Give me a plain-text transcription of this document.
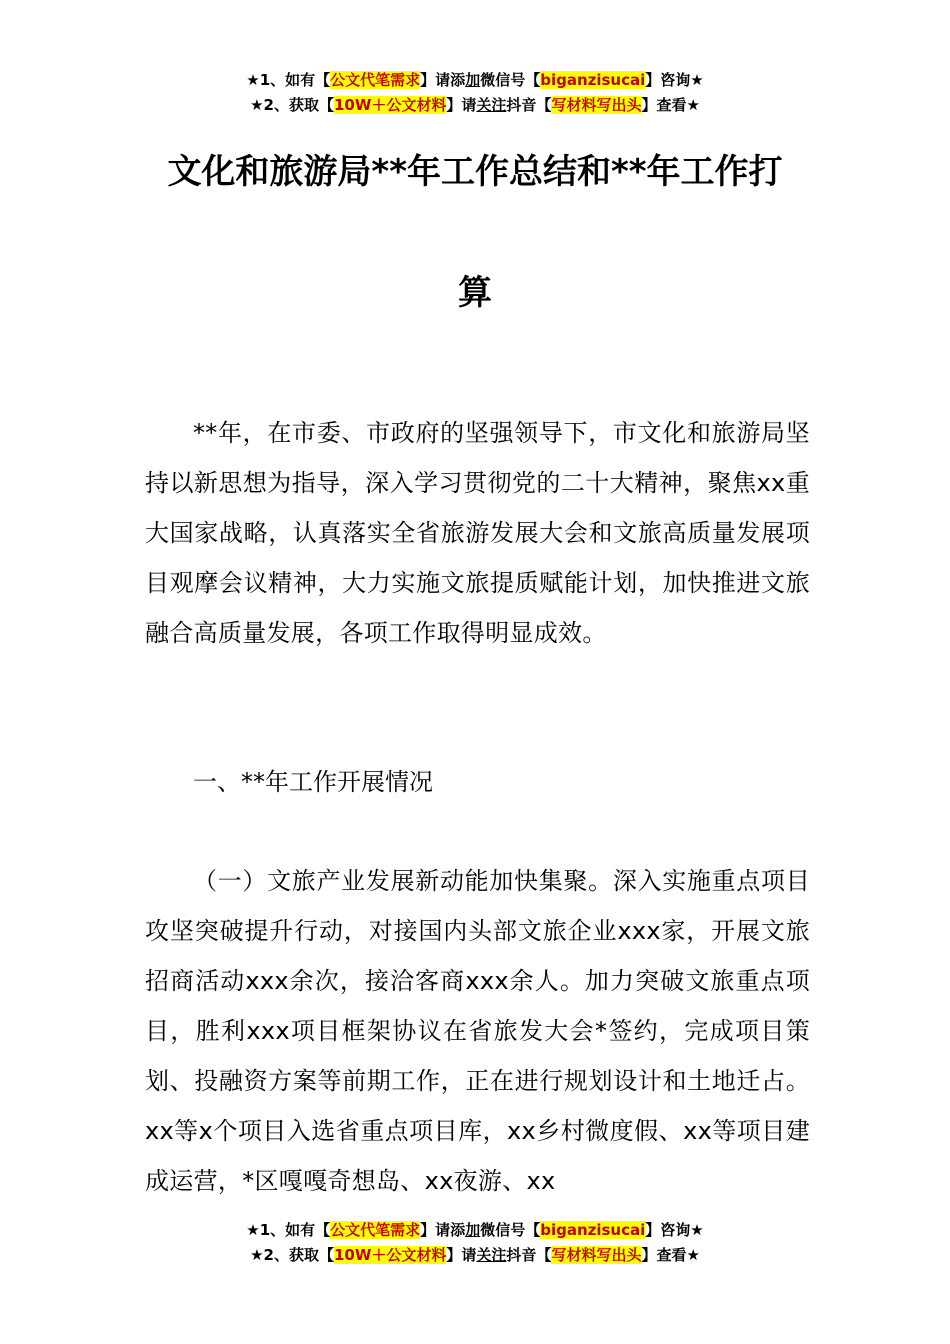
★1、如有【公文代笔需求】请添加微信号【biganzisucai】咨询★
★2、获取【10W＋公文材料】请关注抖音【写材料写出头】查看★
文化和旅游局**年工作总结和**年工作打
算

**年，在市委、市政府的坚强领导下，市文化和旅游局坚持以新思想为指导，深入学习贯彻党的二十大精神，聚焦xx重大国家战略，认真落实全省旅游发展大会和文旅高质量发展项目观摩会议精神，大力实施文旅提质赋能计划，加快推进文旅融合高质量发展，各项工作取得明显成效。

一、**年工作开展情况

（一）文旅产业发展新动能加快集聚。深入实施重点项目攻坚突破提升行动，对接国内头部文旅企业xxx家，开展文旅招商活动xxx余次，接洽客商xxx余人。加力突破文旅重点项目，胜利xxx项目框架协议在省旅发大会*签约，完成项目策划、投融资方案等前期工作，正在进行规划设计和土地迁占。xx等x个项目入选省重点项目库，xx乡村微度假、xx等项目建成运营，*区嘎嘎奇想岛、xx夜游、xx

★1、如有【公文代笔需求】请添加微信号【biganzisucai】咨询★
★2、获取【10W＋公文材料】请关注抖音【写材料写出头】查看★
